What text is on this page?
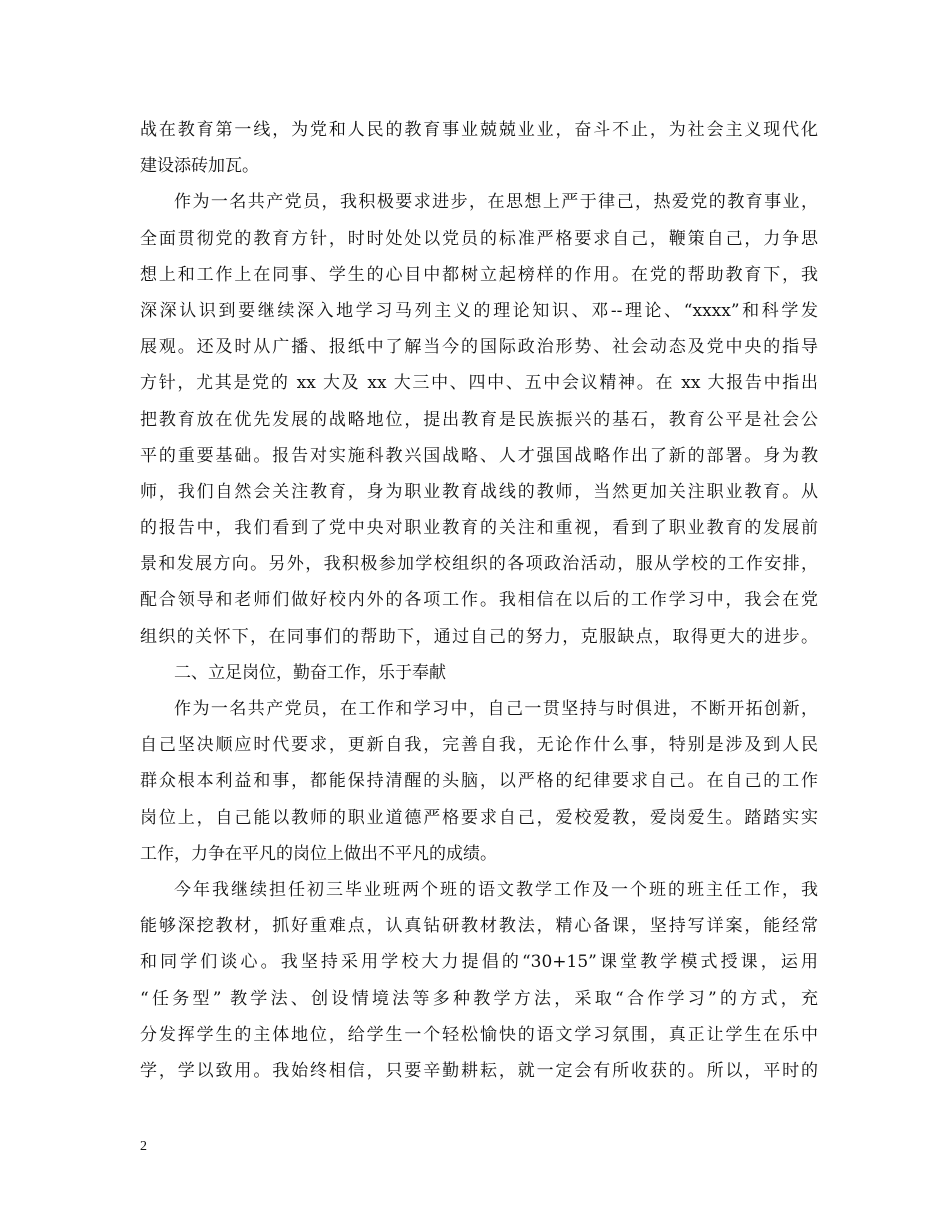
战在教育第一线，为党和人民的教育事业兢兢业业，奋斗不止，为社会主义现代化
建设添砖加瓦。
作为一名共产党员，我积极要求进步，在思想上严于律己，热爱党的教育事业，
全面贯彻党的教育方针，时时处处以党员的标准严格要求自己，鞭策自己，力争思
想上和工作上在同事、学生的心目中都树立起榜样的作用。在党的帮助教育下，我
深深认识到要继续深入地学习马列主义的理论知识、邓--理论、“xxxx”和科学发
展观。还及时从广播、报纸中了解当今的国际政治形势、社会动态及党中央的指导
方针，尤其是党的 xx 大及 xx 大三中、四中、五中会议精神。在 xx 大报告中指出
把教育放在优先发展的战略地位，提出教育是民族振兴的基石，教育公平是社会公
平的重要基础。报告对实施科教兴国战略、人才强国战略作出了新的部署。身为教
师，我们自然会关注教育，身为职业教育战线的教师，当然更加关注职业教育。从
的报告中，我们看到了党中央对职业教育的关注和重视，看到了职业教育的发展前
景和发展方向。另外，我积极参加学校组织的各项政治活动，服从学校的工作安排，
配合领导和老师们做好校内外的各项工作。我相信在以后的工作学习中，我会在党
组织的关怀下，在同事们的帮助下，通过自己的努力，克服缺点，取得更大的进步。
二、立足岗位，勤奋工作，乐于奉献
作为一名共产党员，在工作和学习中，自己一贯坚持与时俱进，不断开拓创新，
自己坚决顺应时代要求，更新自我，完善自我，无论作什么事，特别是涉及到人民
群众根本利益和事，都能保持清醒的头脑，以严格的纪律要求自己。在自己的工作
岗位上，自己能以教师的职业道德严格要求自己，爱校爱教，爱岗爱生。踏踏实实
工作，力争在平凡的岗位上做出不平凡的成绩。
今年我继续担任初三毕业班两个班的语文教学工作及一个班的班主任工作，我
能够深挖教材，抓好重难点，认真钻研教材教法，精心备课，坚持写详案，能经常
和同学们谈心。我坚持采用学校大力提倡的“30+15”课堂教学模式授课，运用
“任务型” 教学法、创设情境法等多种教学方法，采取“合作学习”的方式，充
分发挥学生的主体地位，给学生一个轻松愉快的语文学习氛围，真正让学生在乐中
学，学以致用。我始终相信，只要辛勤耕耘，就一定会有所收获的。所以，平时的
2
